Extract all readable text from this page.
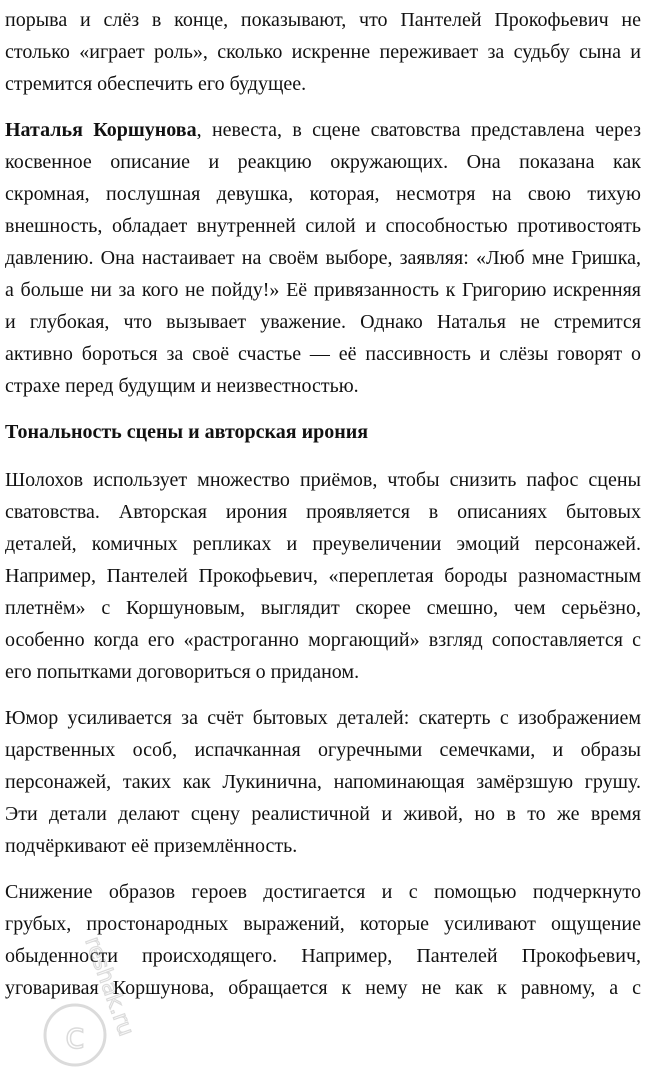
порыва и слёз в конце, показывают, что Пантелей Прокофьевич не
столько «играет роль», сколько искренне переживает за судьбу сына и
стремится обеспечить его будущее.
Наталья Коршунова, невеста, в сцене сватовства представлена через
косвенное описание и реакцию окружающих. Она показана как
скромная, послушная девушка, которая, несмотря на свою тихую
внешность, обладает внутренней силой и способностью противостоять
давлению. Она настаивает на своём выборе, заявляя: «Люб мне Гришка,
а больше ни за кого не пойду!» Её привязанность к Григорию искренняя
и глубокая, что вызывает уважение. Однако Наталья не стремится
активно бороться за своё счастье — её пассивность и слёзы говорят о
страхе перед будущим и неизвестностью.
Тональность сцены и авторская ирония
Шолохов использует множество приёмов, чтобы снизить пафос сцены
сватовства. Авторская ирония проявляется в описаниях бытовых
деталей, комичных репликах и преувеличении эмоций персонажей.
Например, Пантелей Прокофьевич, «переплетая бороды разномастным
плетнём» с Коршуновым, выглядит скорее смешно, чем серьёзно,
особенно когда его «растроганно моргающий» взгляд сопоставляется с
его попытками договориться о приданом.
Юмор усиливается за счёт бытовых деталей: скатерть с изображением
царственных особ, испачканная огуречными семечками, и образы
персонажей, таких как Лукинична, напоминающая замёрзшую грушу.
Эти детали делают сцену реалистичной и живой, но в то же время
подчёркивают её приземлённость.
Снижение образов героев достигается и с помощью подчеркнуто
грубых, простонародных выражений, которые усиливают ощущение
обыденности происходящего. Например, Пантелей Прокофьевич,
уговаривая Коршунова, обращается к нему не как к равному, а с
c
reshak.ru
